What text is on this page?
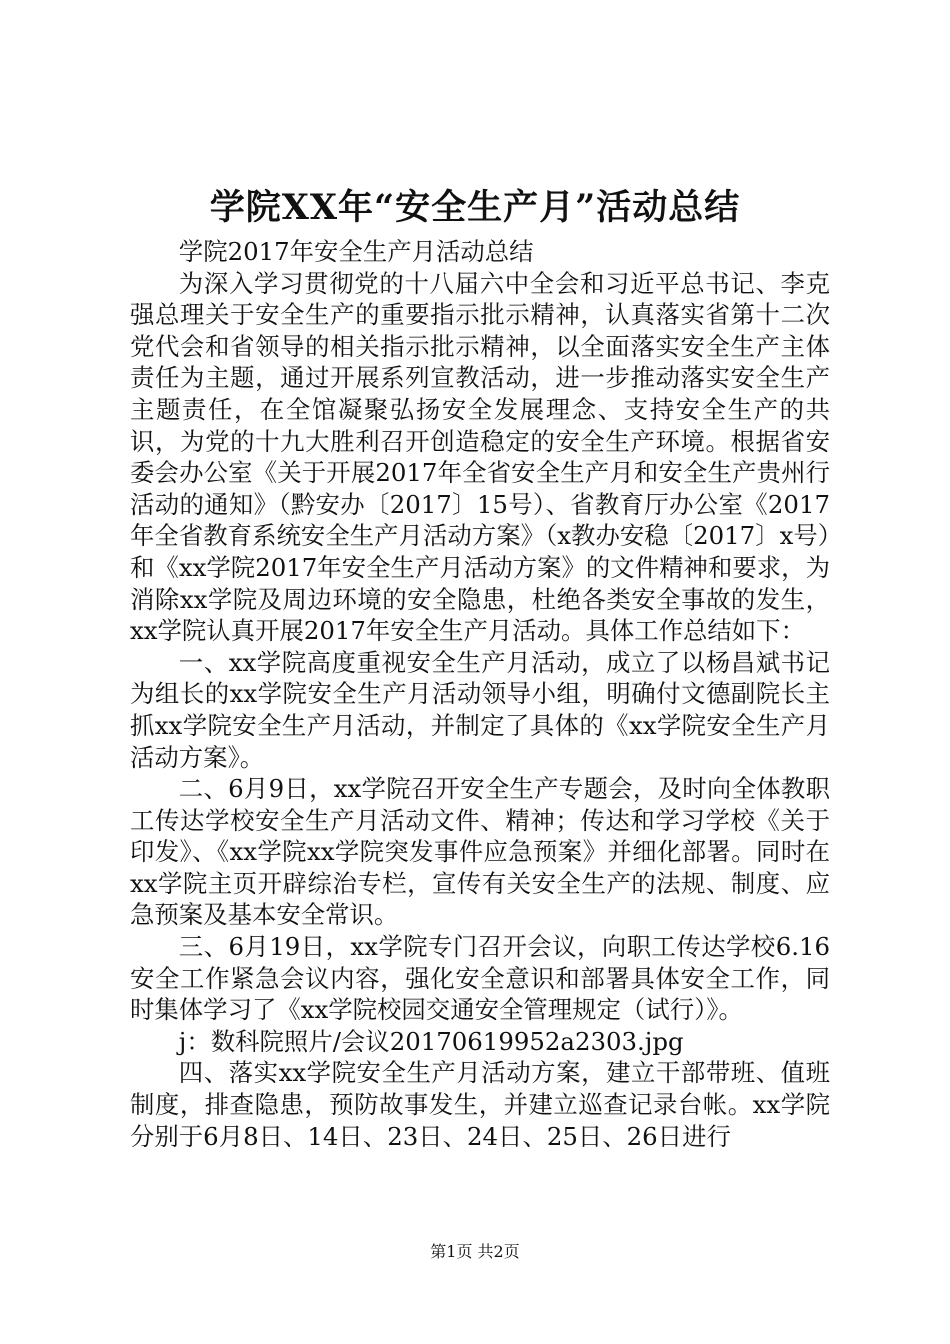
学院XX年“安全生产月”活动总结

学院2017年安全生产月活动总结

为深入学习贯彻党的十八届六中全会和习近平总书记、李克强总理关于安全生产的重要指示批示精神，认真落实省第十二次党代会和省领导的相关指示批示精神，以全面落实安全生产主体责任为主题，通过开展系列宣教活动，进一步推动落实安全生产主题责任，在全馆凝聚弘扬安全发展理念、支持安全生产的共识，为党的十九大胜利召开创造稳定的安全生产环境。根据省安委会办公室《关于开展2017年全省安全生产月和安全生产贵州行活动的通知》（黔安办〔2017〕15号）、省教育厅办公室《2017年全省教育系统安全生产月活动方案》（x教办安稳〔2017〕x号）和《xx学院2017年安全生产月活动方案》的文件精神和要求，为消除xx学院及周边环境的安全隐患，杜绝各类安全事故的发生，xx学院认真开展2017年安全生产月活动。具体工作总结如下：

一、xx学院高度重视安全生产月活动，成立了以杨昌斌书记为组长的xx学院安全生产月活动领导小组，明确付文德副院长主抓xx学院安全生产月活动，并制定了具体的《xx学院安全生产月活动方案》。

二、6月9日，xx学院召开安全生产专题会，及时向全体教职工传达学校安全生产月活动文件、精神；传达和学习学校《关于印发》、《xx学院xx学院突发事件应急预案》并细化部署。同时在xx学院主页开辟综治专栏，宣传有关安全生产的法规、制度、应急预案及基本安全常识。

三、6月19日，xx学院专门召开会议，向职工传达学校6.16安全工作紧急会议内容，强化安全意识和部署具体安全工作，同时集体学习了《xx学院校园交通安全管理规定（试行）》。

j：数科院照片/会议20170619952a2303.jpg

四、落实xx学院安全生产月活动方案，建立干部带班、值班制度，排查隐患，预防故事发生，并建立巡查记录台帐。xx学院分别于6月8日、14日、23日、24日、25日、26日进行

第1页 共2页
